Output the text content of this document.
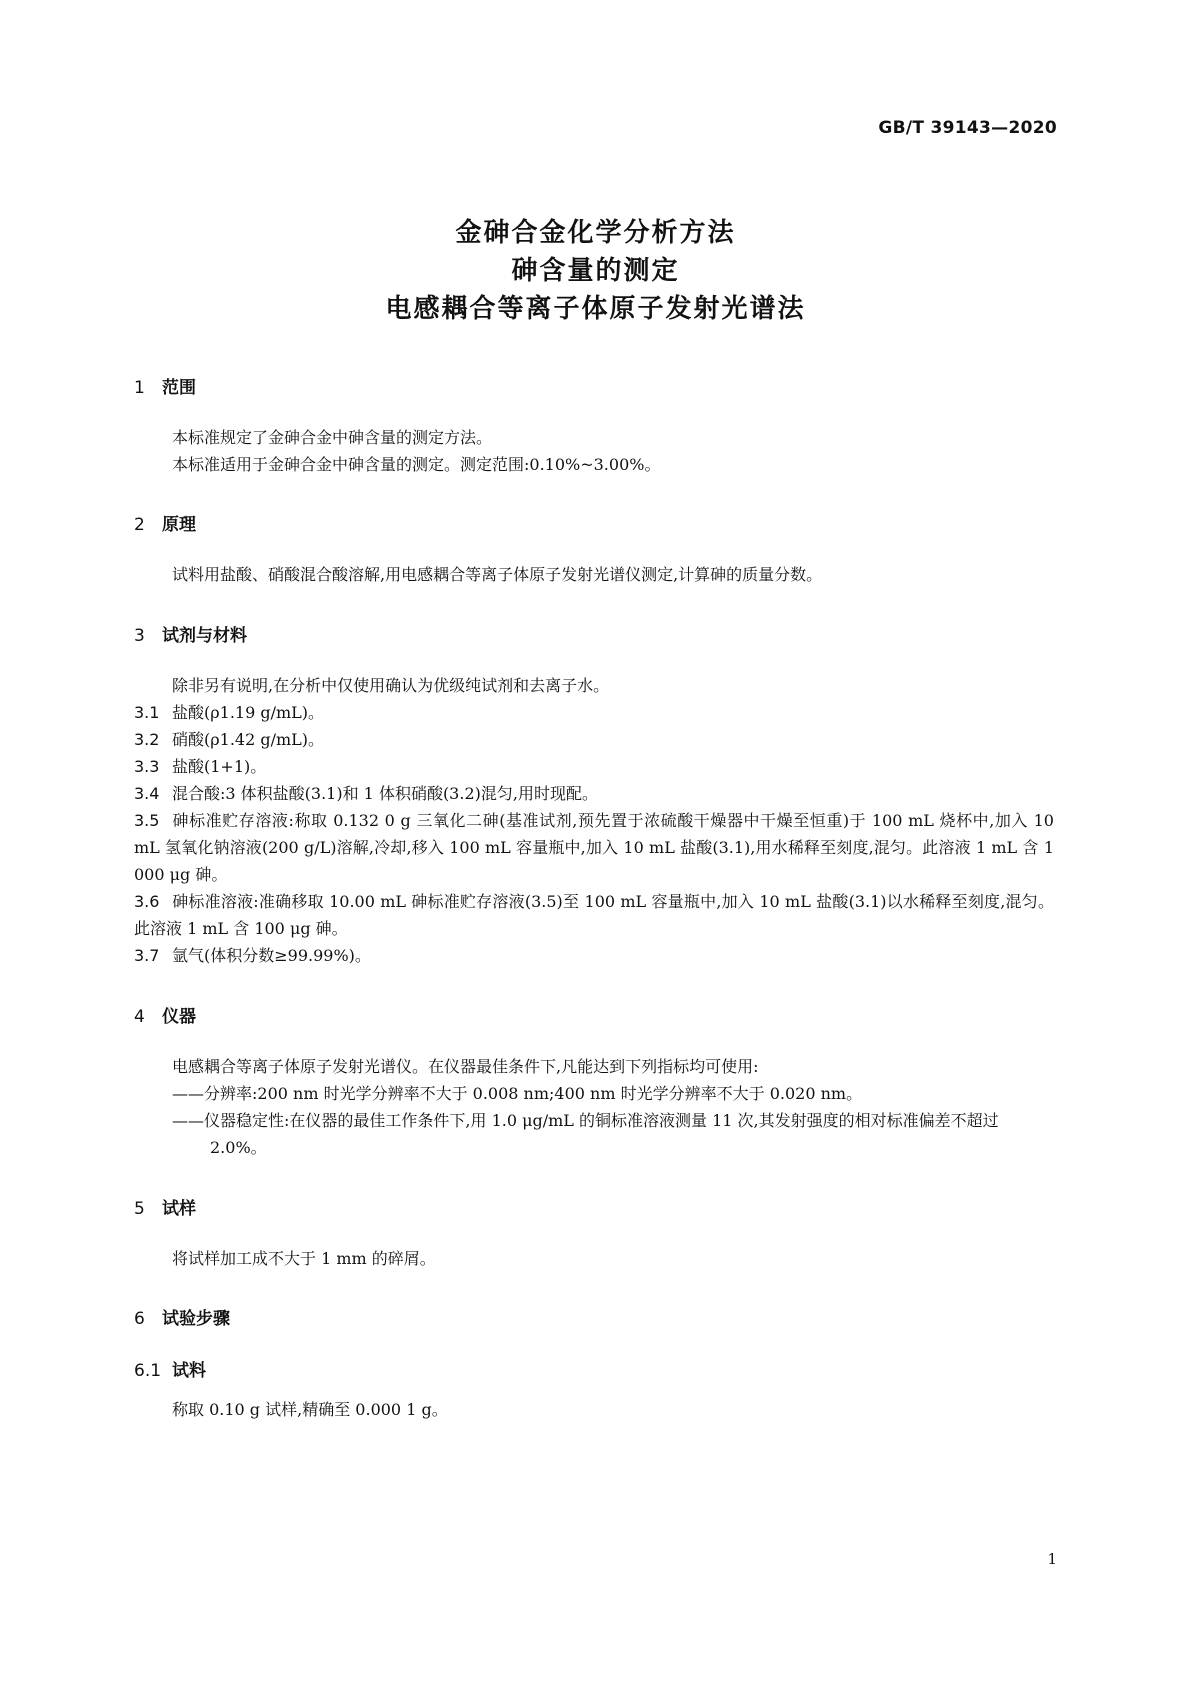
GB/T 39143—2020
金砷合金化学分析方法
砷含量的测定
电感耦合等离子体原子发射光谱法
1 范围

本标准规定了金砷合金中砷含量的测定方法。

本标准适用于金砷合金中砷含量的测定。测定范围:0.10%~3.00%。

2 原理

试料用盐酸、硝酸混合酸溶解,用电感耦合等离子体原子发射光谱仪测定,计算砷的质量分数。

3 试剂与材料

除非另有说明,在分析中仅使用确认为优级纯试剂和去离子水。

3.1 盐酸(ρ1.19 g/mL)。
3.2 硝酸(ρ1.42 g/mL)。
3.3 盐酸(1+1)。
3.4 混合酸:3 体积盐酸(3.1)和 1 体积硝酸(3.2)混匀,用时现配。
3.5 砷标准贮存溶液:称取 0.132 0 g 三氧化二砷(基准试剂,预先置于浓硫酸干燥器中干燥至恒重)于 100 mL 烧杯中,加入 10 mL 氢氧化钠溶液(200 g/L)溶解,冷却,移入 100 mL 容量瓶中,加入 10 mL 盐酸(3.1),用水稀释至刻度,混匀。此溶液 1 mL 含 1 000 μg 砷。
3.6 砷标准溶液:准确移取 10.00 mL 砷标准贮存溶液(3.5)至 100 mL 容量瓶中,加入 10 mL 盐酸(3.1)以水稀释至刻度,混匀。此溶液 1 mL 含 100 μg 砷。
3.7 氩气(体积分数≥99.99%)。
4 仪器

电感耦合等离子体原子发射光谱仪。在仪器最佳条件下,凡能达到下列指标均可使用:

——分辨率:200 nm 时光学分辨率不大于 0.008 nm;400 nm 时光学分辨率不大于 0.020 nm。
——仪器稳定性:在仪器的最佳工作条件下,用 1.0 μg/mL 的铜标准溶液测量 11 次,其发射强度的相对标准偏差不超过 2.0%。
5 试样

将试样加工成不大于 1 mm 的碎屑。

6 试验步骤
6.1 试料

称取 0.10 g 试样,精确至 0.000 1 g。

1
